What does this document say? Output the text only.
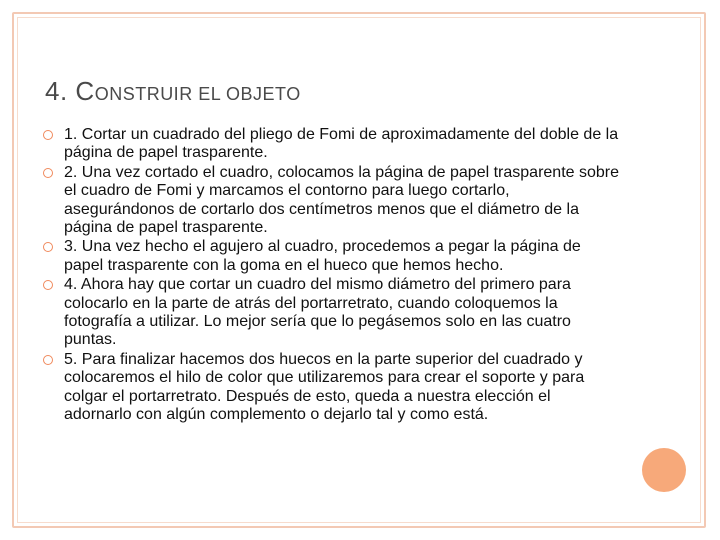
4. CONSTRUIR EL OBJETO
1. Cortar un cuadrado del pliego de Fomi de aproximadamente del doble de la página de papel trasparente.
2. Una vez cortado el cuadro, colocamos la página de papel trasparente sobre el cuadro de Fomi y marcamos el contorno para luego cortarlo, asegurándonos de cortarlo dos centímetros menos que el diámetro de la página de papel trasparente.
3. Una vez hecho el agujero al cuadro, procedemos a pegar la página de papel trasparente con la goma en el hueco que hemos hecho.
4. Ahora hay que cortar un cuadro del mismo diámetro del primero para colocarlo en la parte de atrás del portarretrato, cuando coloquemos la fotografía a utilizar. Lo mejor sería que lo pegásemos solo en las cuatro puntas.
5. Para finalizar hacemos dos huecos en la parte superior del cuadrado y colocaremos el hilo de color que utilizaremos para crear el soporte y para colgar el portarretrato. Después de esto, queda a nuestra elección el adornarlo con algún complemento o dejarlo tal y como está.
